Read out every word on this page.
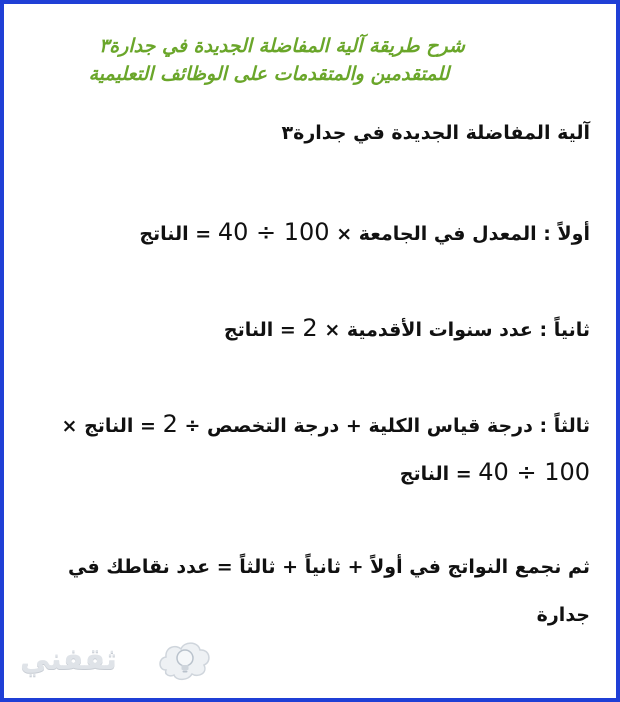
شرح طريقة آلية المفاضلة الجديدة في جدارة٣
للمتقدمين والمتقدمات على الوظائف التعليمية
آلية المفاضلة الجديدة في جدارة٣
أولاً : المعدل في الجامعة × 40 ÷ 100 = الناتج
ثانياً : عدد سنوات الأقدمية × 2 = الناتج
ثالثاً : درجة قياس الكلية + درجة التخصص ÷ 2 = الناتج ×
40 ÷ 100 = الناتج
ثم نجمع النواتج في أولاً + ثانياً + ثالثاً = عدد نقاطك في
جدارة
ثقفني
